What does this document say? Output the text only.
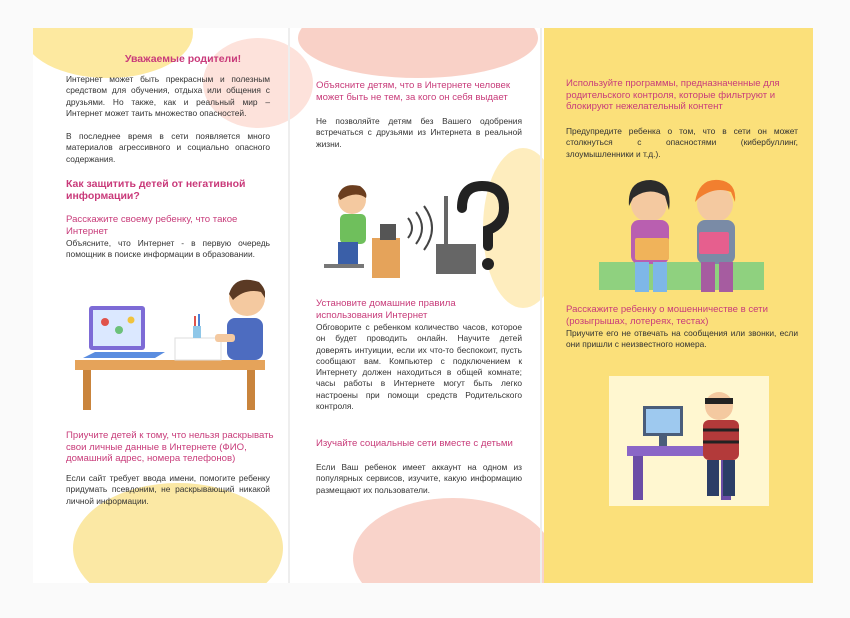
Уважаемые родители!
Интернет может быть прекрасным и полезным средством для обучения, отдыха или общения с друзьями. Но также, как и реальный мир – Интернет может таить множество опасностей.
В последнее время в сети появляется много материалов агрессивного и социально опасного содержания.
Как защитить детей от негативной информации?
Расскажите своему ребенку, что такое Интернет
Объясните, что Интернет - в первую очередь помощник в поиске информации в образовании.
Приучите детей к тому, что нельзя раскрывать свои личные данные в Интернете (ФИО, домашний адрес, номера телефонов)
Если сайт требует ввода имени, помогите ребенку придумать псевдоним, не раскрывающий никакой личной информации.
Объясните детям, что в Интернете человек может быть не тем, за кого он себя выдает
Не позволяйте детям без Вашего одобрения встречаться с друзьями из Интернета в реальной жизни.
Установите домашние правила использования Интернет
Обговорите с ребенком количество часов, которое он будет проводить онлайн. Научите детей доверять интуиции, если их что-то беспокоит, пусть сообщают вам. Компьютер с подключением к Интернету должен находиться в общей комнате; часы работы в Интернете могут быть легко настроены при помощи средств Родительского контроля.
Изучайте социальные сети вместе с детьми
Если Ваш ребенок имеет аккаунт на одном из популярных сервисов, изучите, какую информацию размещают их пользователи.
Используйте программы, предназначенные для родительского контроля, которые фильтруют и блокируют нежелательный контент
Предупредите ребенка о том, что в сети он может столкнуться с опасностями (кибербуллинг, злоумышленники и т.д.).
Расскажите ребенку о мошенничестве в сети (розыгрышах, лотереях, тестах)
Приучите его не отвечать на сообщения или звонки, если они пришли с неизвестного номера.
